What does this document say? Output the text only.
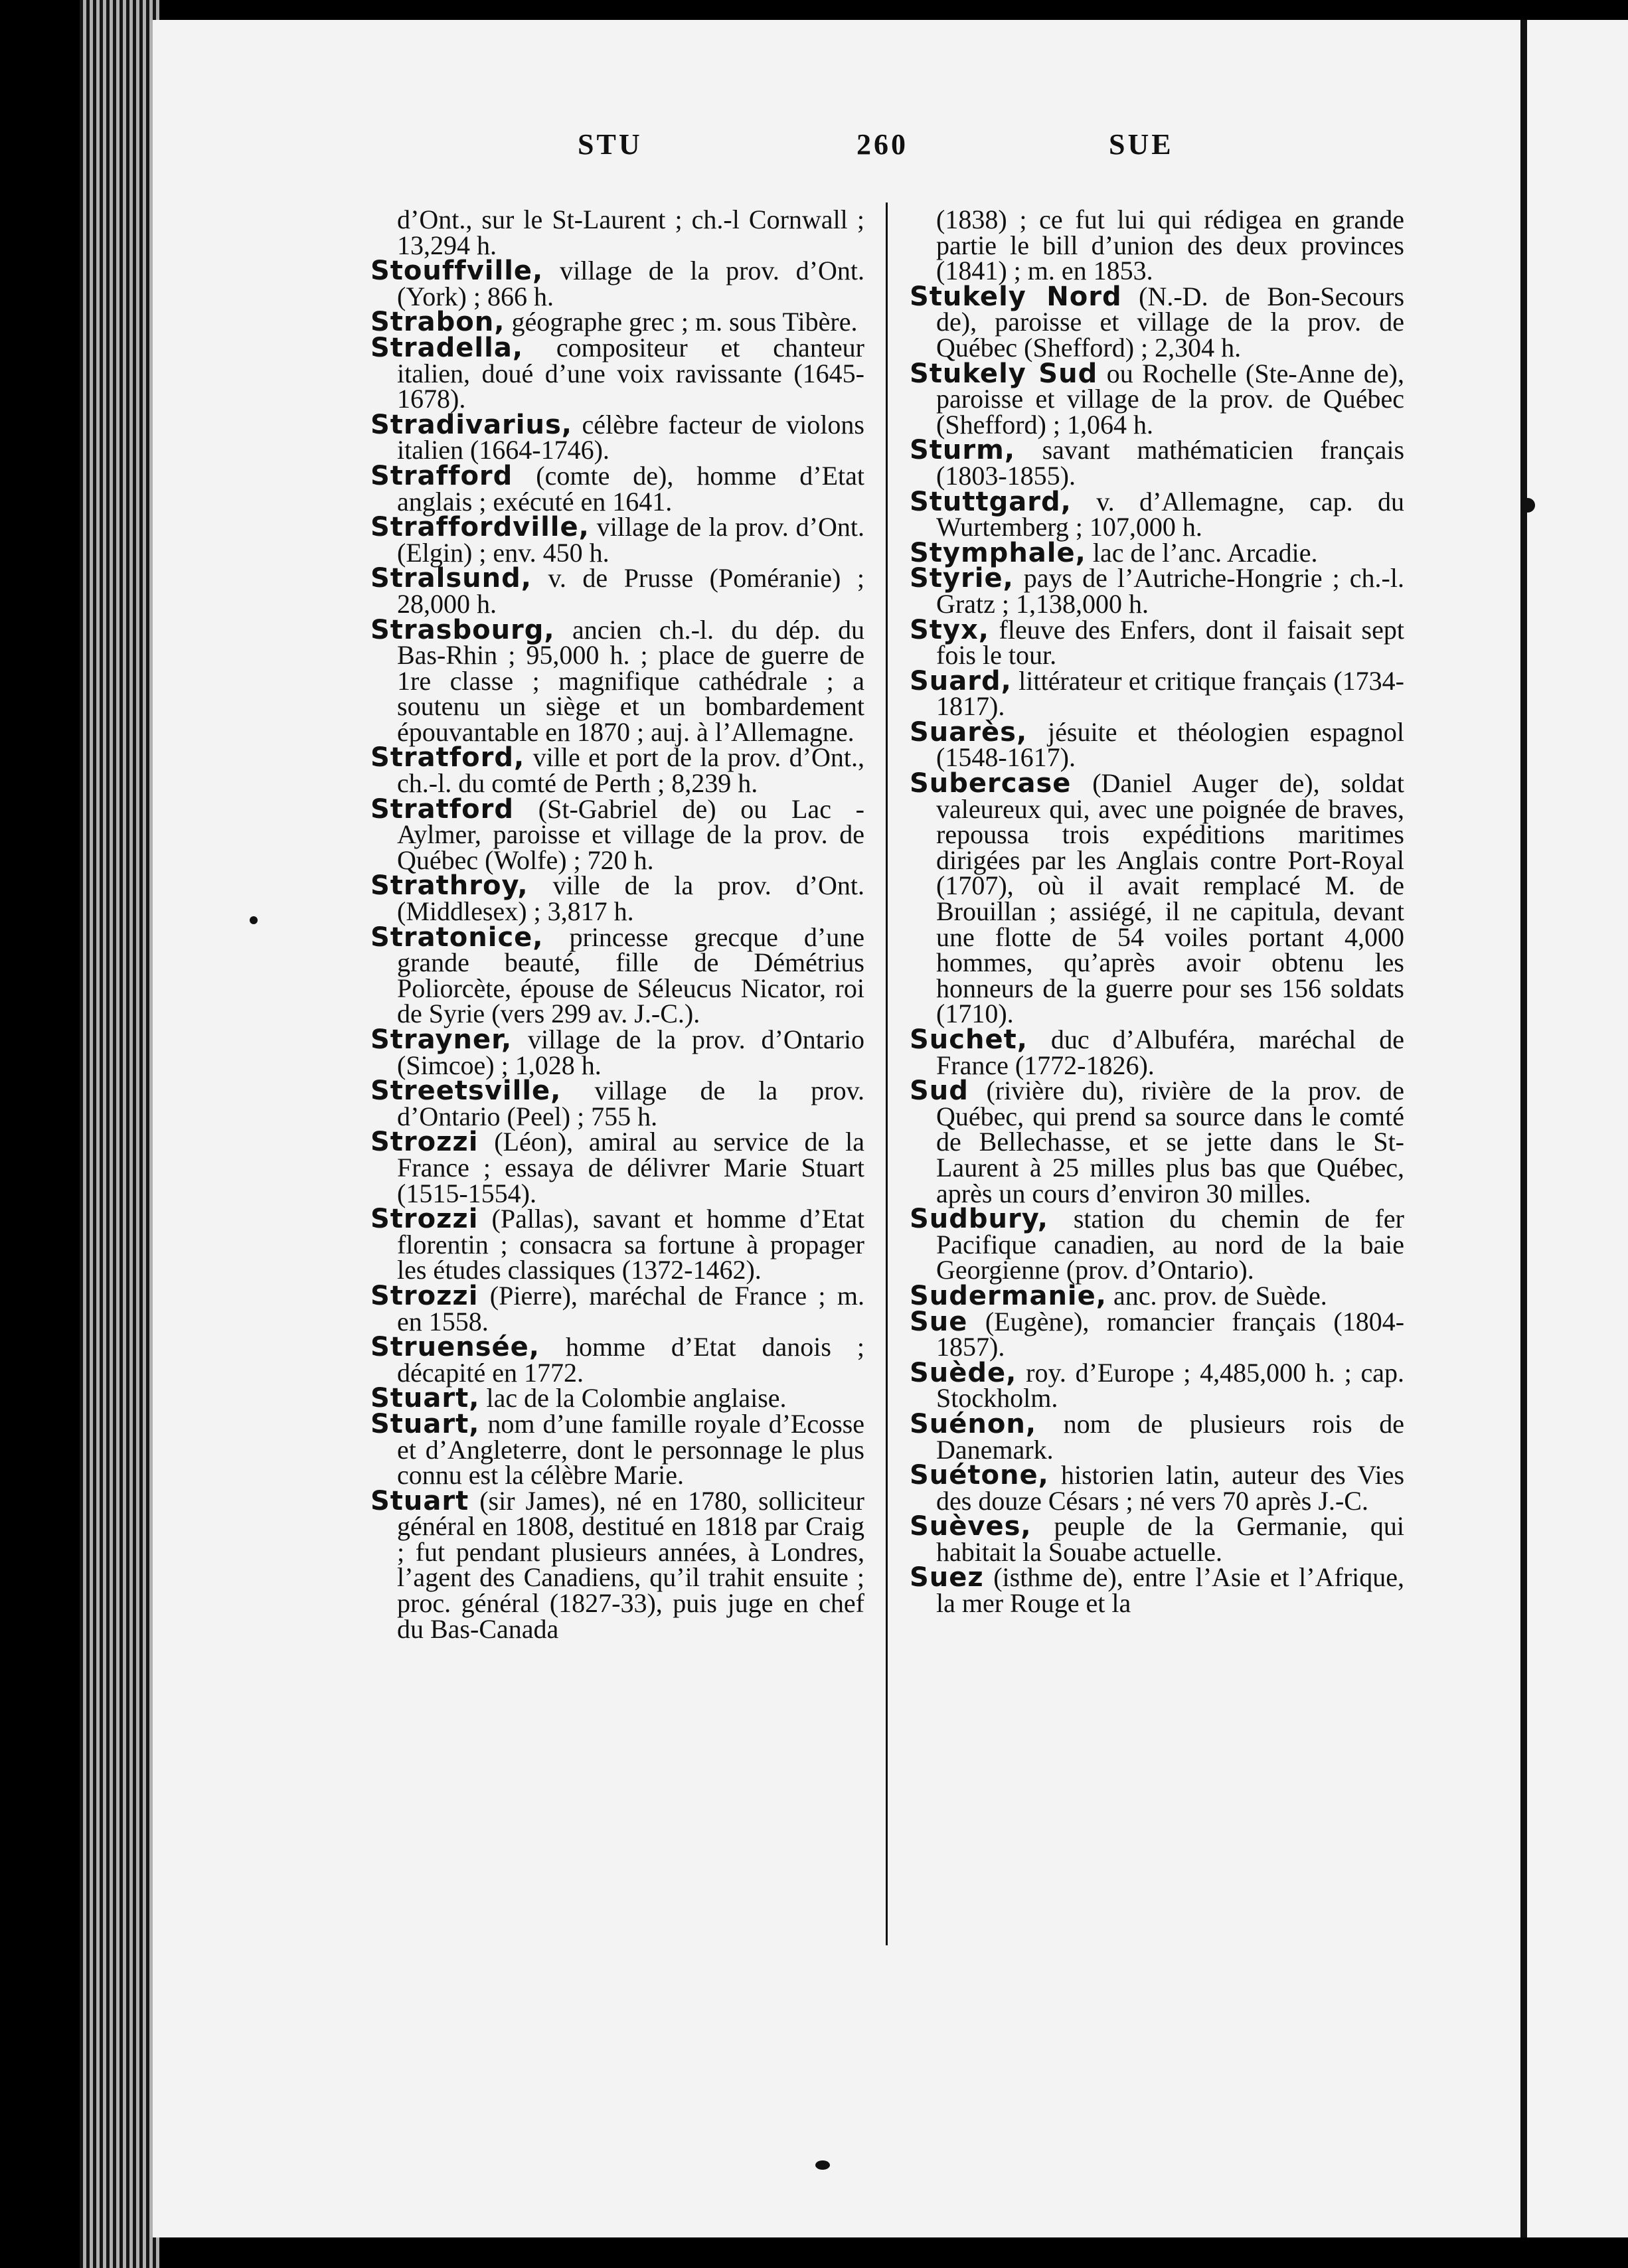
STU	260	SUE

d’Ont., sur le St-Laurent ; ch.-l Cornwall ; 13,294 h.

Stouffville, village de la prov. d’Ont. (York) ; 866 h.

Strabon, géographe grec ; m. sous Tibère.

Stradella, compositeur et chanteur italien, doué d’une voix ravissante (1645-1678).

Stradivarius, célèbre facteur de violons italien (1664-1746).

Strafford (comte de), homme d’Etat anglais ; exécuté en 1641.

Straffordville, village de la prov. d’Ont. (Elgin) ; env. 450 h.

Stralsund, v. de Prusse (Poméranie) ; 28,000 h.

Strasbourg, ancien ch.-l. du dép. du Bas-Rhin ; 95,000 h. ; place de guerre de 1re classe ; magnifique cathédrale ; a soutenu un siège et un bombardement épouvantable en 1870 ; auj. à l’Allemagne.

Stratford, ville et port de la prov. d’Ont., ch.-l. du comté de Perth ; 8,239 h.

Stratford (St-Gabriel de) ou Lac - Aylmer, paroisse et village de la prov. de Québec (Wolfe) ; 720 h.

Strathroy, ville de la prov. d’Ont. (Middlesex) ; 3,817 h.

Stratonice, princesse grecque d’une grande beauté, fille de Démétrius Poliorcète, épouse de Séleucus Nicator, roi de Syrie (vers 299 av. J.-C.).

Strayner, village de la prov. d’Ontario (Simcoe) ; 1,028 h.

Streetsville, village de la prov. d’Ontario (Peel) ; 755 h.

Strozzi (Léon), amiral au service de la France ; essaya de délivrer Marie Stuart (1515-1554).

Strozzi (Pallas), savant et homme d’Etat florentin ; consacra sa fortune à propager les études classiques (1372-1462).

Strozzi (Pierre), maréchal de France ; m. en 1558.

Struensée, homme d’Etat danois ; décapité en 1772.

Stuart, lac de la Colombie anglaise.

Stuart, nom d’une famille royale d’Ecosse et d’Angleterre, dont le personnage le plus connu est la célèbre Marie.

Stuart (sir James), né en 1780, solliciteur général en 1808, destitué en 1818 par Craig ; fut pendant plusieurs années, à Londres, l’agent des Canadiens, qu’il trahit ensuite ; proc. général (1827-33), puis juge en chef du Bas-Canada

(1838) ; ce fut lui qui rédigea en grande partie le bill d’union des deux provinces (1841) ; m. en 1853.

Stukely Nord (N.-D. de Bon-Secours de), paroisse et village de la prov. de Québec (Shefford) ; 2,304 h.

Stukely Sud ou Rochelle (Ste-Anne de), paroisse et village de la prov. de Québec (Shefford) ; 1,064 h.

Sturm, savant mathématicien français (1803-1855).

Stuttgard, v. d’Allemagne, cap. du Wurtemberg ; 107,000 h.

Stymphale, lac de l’anc. Arcadie.

Styrie, pays de l’Autriche-Hongrie ; ch.-l. Gratz ; 1,138,000 h.

Styx, fleuve des Enfers, dont il faisait sept fois le tour.

Suard, littérateur et critique français (1734-1817).

Suarès, jésuite et théologien espagnol (1548-1617).

Subercase (Daniel Auger de), soldat valeureux qui, avec une poignée de braves, repoussa trois expéditions maritimes dirigées par les Anglais contre Port-Royal (1707), où il avait remplacé M. de Brouillan ; assiégé, il ne capitula, devant une flotte de 54 voiles portant 4,000 hommes, qu’après avoir obtenu les honneurs de la guerre pour ses 156 soldats (1710).

Suchet, duc d’Albuféra, maréchal de France (1772-1826).

Sud (rivière du), rivière de la prov. de Québec, qui prend sa source dans le comté de Bellechasse, et se jette dans le St-Laurent à 25 milles plus bas que Québec, après un cours d’environ 30 milles.

Sudbury, station du chemin de fer Pacifique canadien, au nord de la baie Georgienne (prov. d’Ontario).

Sudermanie, anc. prov. de Suède.

Sue (Eugène), romancier français (1804-1857).

Suède, roy. d’Europe ; 4,485,000 h. ; cap. Stockholm.

Suénon, nom de plusieurs rois de Danemark.

Suétone, historien latin, auteur des Vies des douze Césars ; né vers 70 après J.-C.

Suèves, peuple de la Germanie, qui habitait la Souabe actuelle.

Suez (isthme de), entre l’Asie et l’Afrique, la mer Rouge et la
